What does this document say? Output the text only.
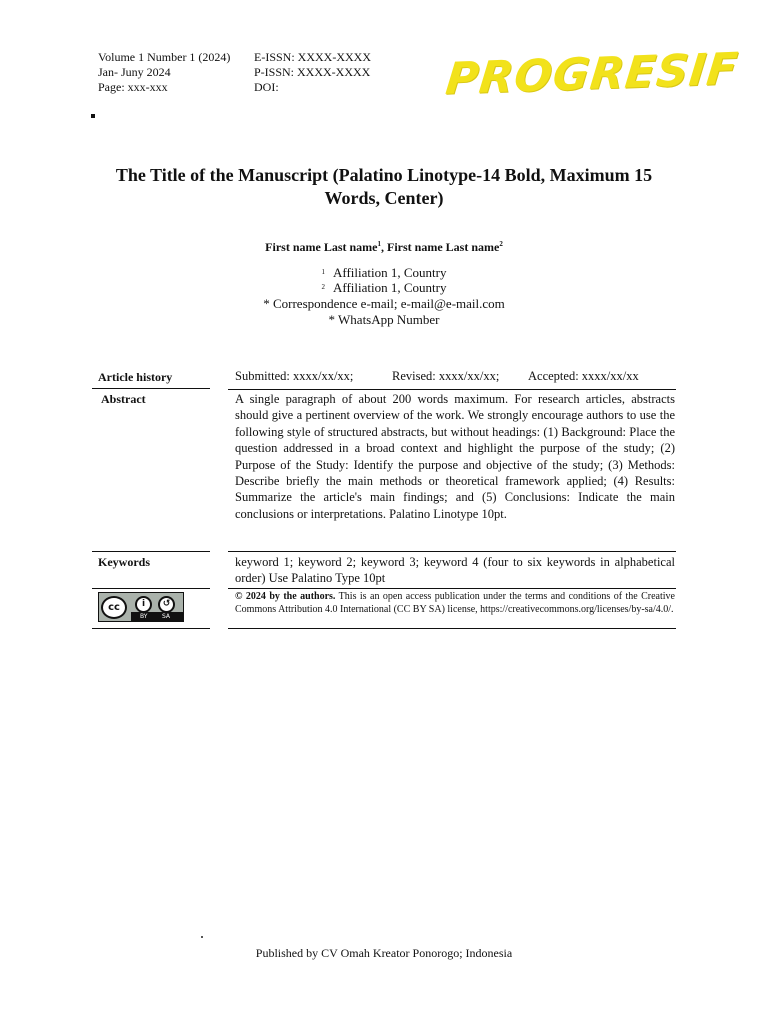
Volume 1 Number 1 (2024)
Jan- Juny 2024
Page: xxx-xxx
E-ISSN: XXXX-XXXX
P-ISSN: XXXX-XXXX
DOI:	PROGRESIF
The Title of the Manuscript (Palatino Linotype-14 Bold, Maximum 15 Words, Center)
First name Last name$^1$, First name Last name$^2$
$^1$ Affiliation 1, Country
$^2$ Affiliation 1, Country
* Correspondence e-mail; e-mail@e-mail.com
* WhatsApp Number
Article history	Submitted: xxxx/xx/xx;	Revised: xxxx/xx/xx; Accepted: xxxx/xx/xx
Abstract	A single paragraph of about 200 words maximum. For research articles, abstracts should give a pertinent overview of the work. We strongly encourage authors to use the following style of structured abstracts, but without headings: (1) Background: Place the question addressed in a broad context and highlight the purpose of the study; (2) Purpose of the Study: Identify the purpose and objective of the study; (3) Methods: Describe briefly the main methods or theoretical framework applied; (4) Results: Summarize the article's main findings; and (5) Conclusions: Indicate the main conclusions or interpretations. Palatino Linotype 10pt.
Keywords	keyword 1; keyword 2; keyword 3; keyword 4 (four to six keywords in alphabetical order) Use Palatino Type 10pt
cc	i	↺
BY SA
© 2024 by the authors. This is an open access publication under the terms and conditions of the Creative Commons Attribution 4.0 International (CC BY SA) license, https://creativecommons.org/licenses/by-sa/4.0/.
Published by CV Omah Kreator Ponorogo; Indonesia
